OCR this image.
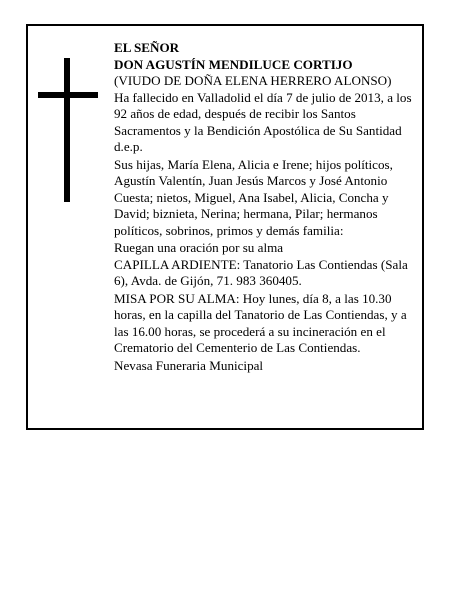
EL SEÑOR

DON AGUSTÍN MENDILUCE CORTIJO

(VIUDO DE DOÑA ELENA HERRERO ALONSO)

Ha fallecido en Valladolid el día 7 de julio de 2013, a los 92 años de edad, después de recibir los Santos Sacramentos y la Bendición Apostólica de Su Santidad

d.e.p.

Sus hijas, María Elena, Alicia e Irene; hijos políticos, Agustín Valentín, Juan Jesús Marcos y José Antonio Cuesta; nietos, Miguel, Ana Isabel, Alicia, Concha y David; biznieta, Nerina; hermana, Pilar; hermanos políticos, sobrinos, primos y demás familia:

Ruegan una oración por su alma

CAPILLA ARDIENTE: Tanatorio Las Contiendas (Sala 6), Avda. de Gijón, 71. 983 360405.

MISA POR SU ALMA: Hoy lunes, día 8, a las 10.30 horas, en la capilla del Tanatorio de Las Contiendas, y a las 16.00 horas, se procederá a su incineración en el Crematorio del Cementerio de Las Contiendas.

Nevasa Funeraria Municipal
